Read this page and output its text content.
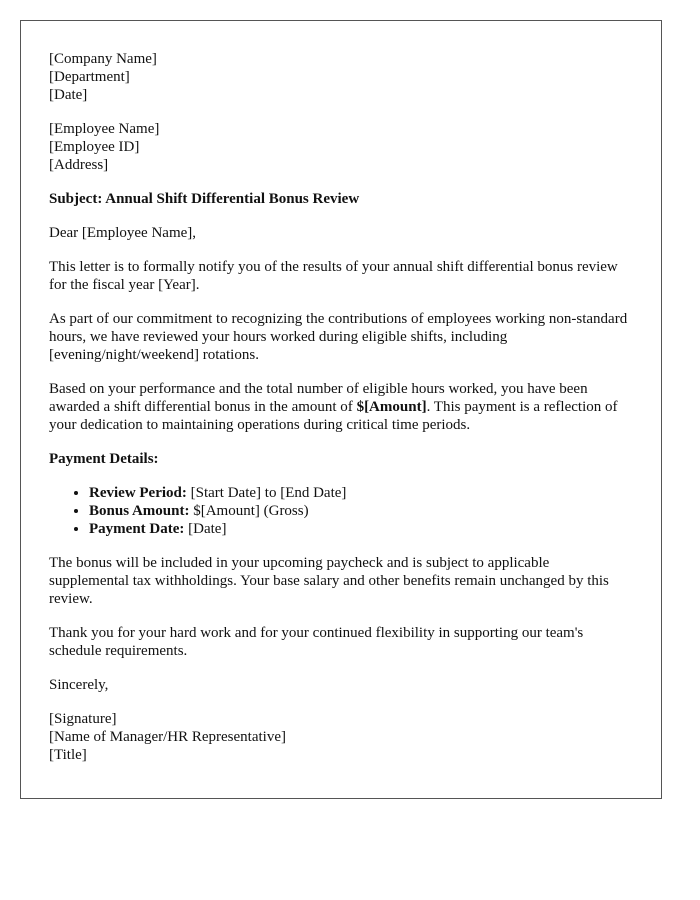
[Company Name]
[Department]
[Date]
[Employee Name]
[Employee ID]
[Address]

Subject: Annual Shift Differential Bonus Review

Dear [Employee Name],

This letter is to formally notify you of the results of your annual shift differential bonus review for the fiscal year [Year].

As part of our commitment to recognizing the contributions of employees working non-standard hours, we have reviewed your hours worked during eligible shifts, including [evening/night/weekend] rotations.

Based on your performance and the total number of eligible hours worked, you have been awarded a shift differential bonus in the amount of $[Amount]. This payment is a reflection of your dedication to maintaining operations during critical time periods.

Payment Details:

• Review Period: [Start Date] to [End Date]
• Bonus Amount: $[Amount] (Gross)
• Payment Date: [Date]

The bonus will be included in your upcoming paycheck and is subject to applicable supplemental tax withholdings. Your base salary and other benefits remain unchanged by this review.

Thank you for your hard work and for your continued flexibility in supporting our team's schedule requirements.

Sincerely,

[Signature]
[Name of Manager/HR Representative]
[Title]
